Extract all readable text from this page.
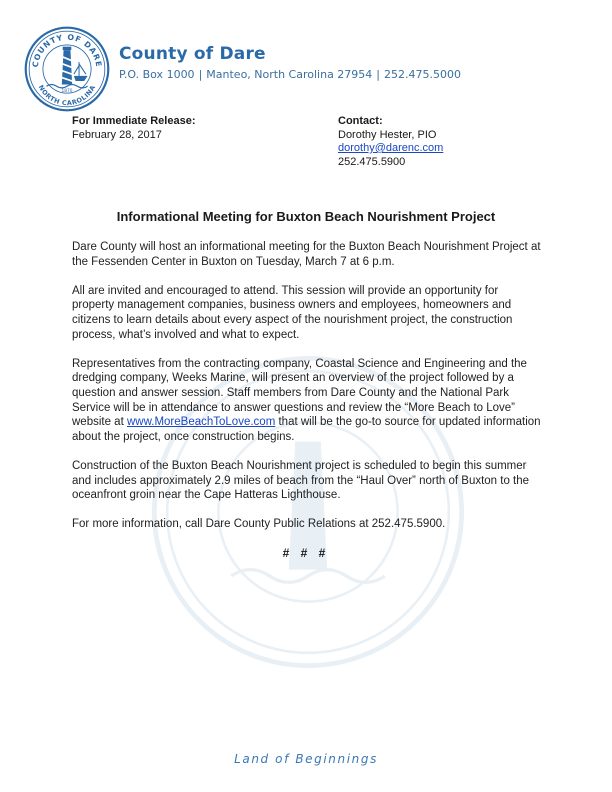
COUNTY OF DARE
NORTH CAROLINA
1870
County of Dare
P.O. Box 1000 | Manteo, North Carolina 27954 | 252.475.5000
For Immediate Release:
February 28, 2017
Contact:
Dorothy Hester, PIO
dorothy@darenc.com
252.475.5900
Informational Meeting for Buxton Beach Nourishment Project

Dare County will host an informational meeting for the Buxton Beach Nourishment Project at the Fessenden Center in Buxton on Tuesday, March 7 at 6 p.m.

All are invited and encouraged to attend. This session will provide an opportunity for property management companies, business owners and employees, homeowners and citizens to learn details about every aspect of the nourishment project, the construction process, what’s involved and what to expect.

Representatives from the contracting company, Coastal Science and Engineering and the dredging company, Weeks Marine, will present an overview of the project followed by a question and answer session. Staff members from Dare County and the National Park Service will be in attendance to answer questions and review the “More Beach to Love” website at www.MoreBeachToLove.com that will be the go-to source for updated information about the project, once construction begins.

Construction of the Buxton Beach Nourishment project is scheduled to begin this summer and includes approximately 2.9 miles of beach from the “Haul Over” north of Buxton to the oceanfront groin near the Cape Hatteras Lighthouse.

For more information, call Dare County Public Relations at 252.475.5900.

# # #
Land of Beginnings
